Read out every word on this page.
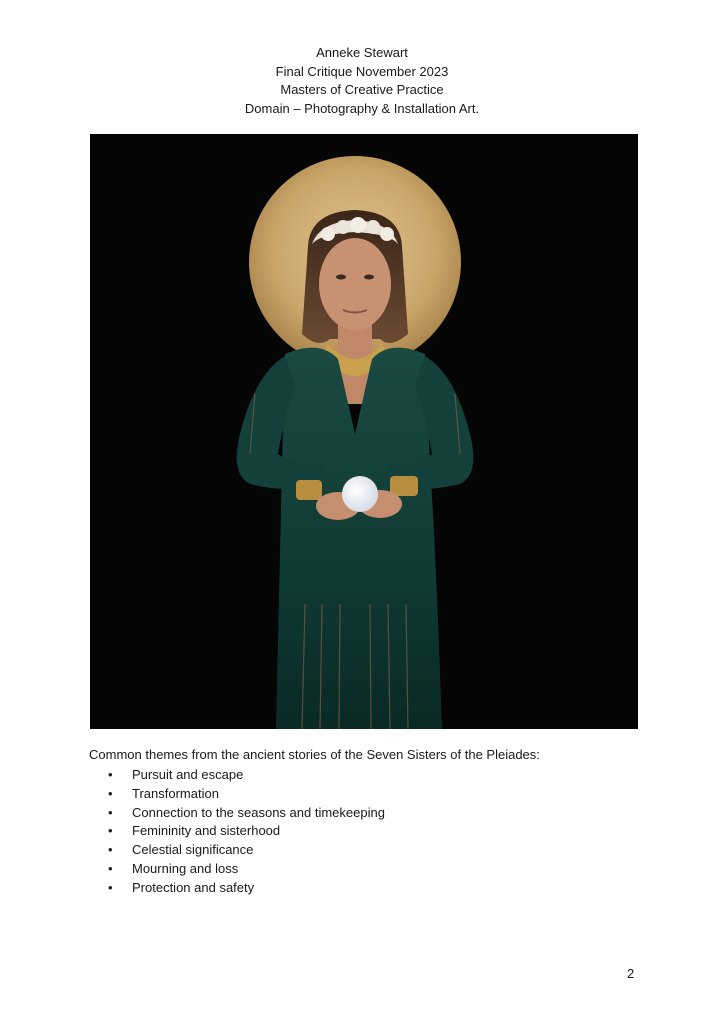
Anneke Stewart
Final Critique November 2023
Masters of Creative Practice
Domain – Photography & Installation Art.
Common themes from the ancient stories of the Seven Sisters of the Pleiades:
• Pursuit and escape
• Transformation
• Connection to the seasons and timekeeping
• Femininity and sisterhood
• Celestial significance
• Mourning and loss
• Protection and safety
2
